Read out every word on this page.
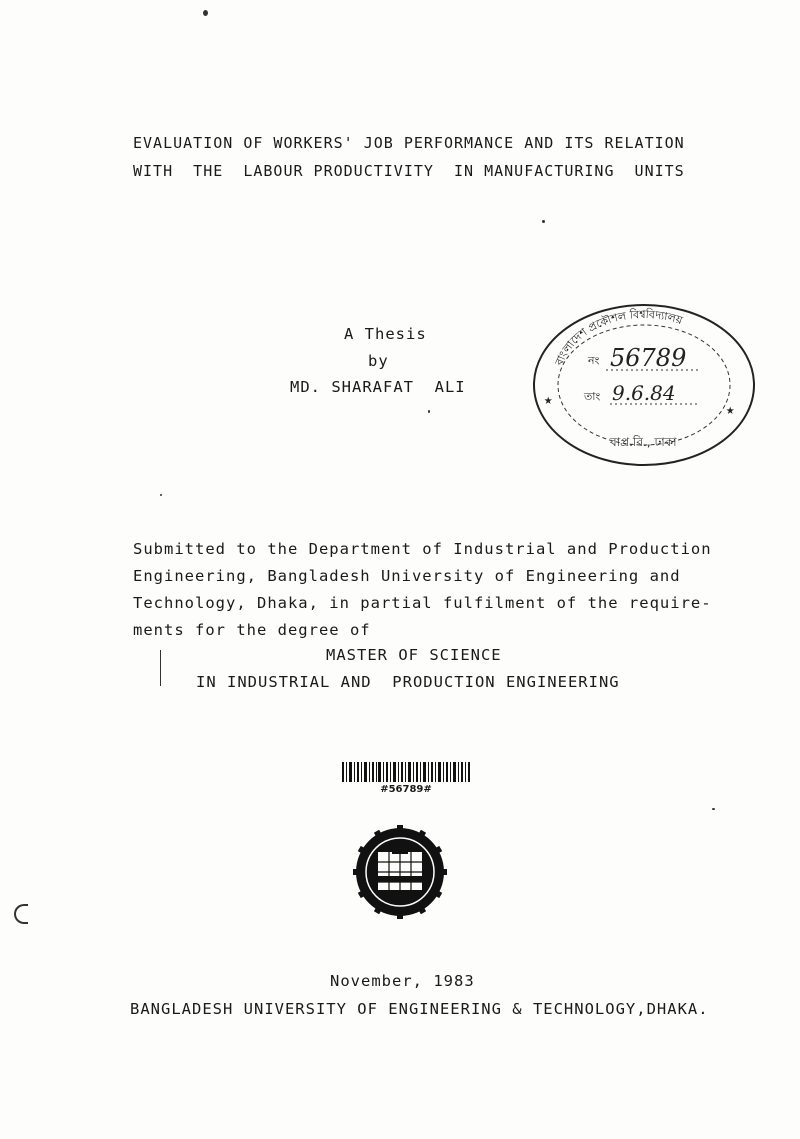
EVALUATION OF WORKERS' JOB PERFORMANCE AND ITS RELATION
WITH  THE  LABOUR PRODUCTIVITY  IN MANUFACTURING  UNITS
A Thesis
by
MD. SHARAFAT  ALI
বাংলাদেশ প্রকৌশল বিশ্ববিদ্যালয়
বাপ্র.বি., ঢাকা
নং 56789
তাং 9.6.84
★
★
Submitted to the Department of Industrial and Production
Engineering, Bangladesh University of Engineering and
Technology, Dhaka, in partial fulfilment of the require-
ments for the degree of
MASTER OF SCIENCE
IN INDUSTRIAL AND  PRODUCTION ENGINEERING
#56789#
November, 1983
BANGLADESH UNIVERSITY OF ENGINEERING & TECHNOLOGY,DHAKA.
